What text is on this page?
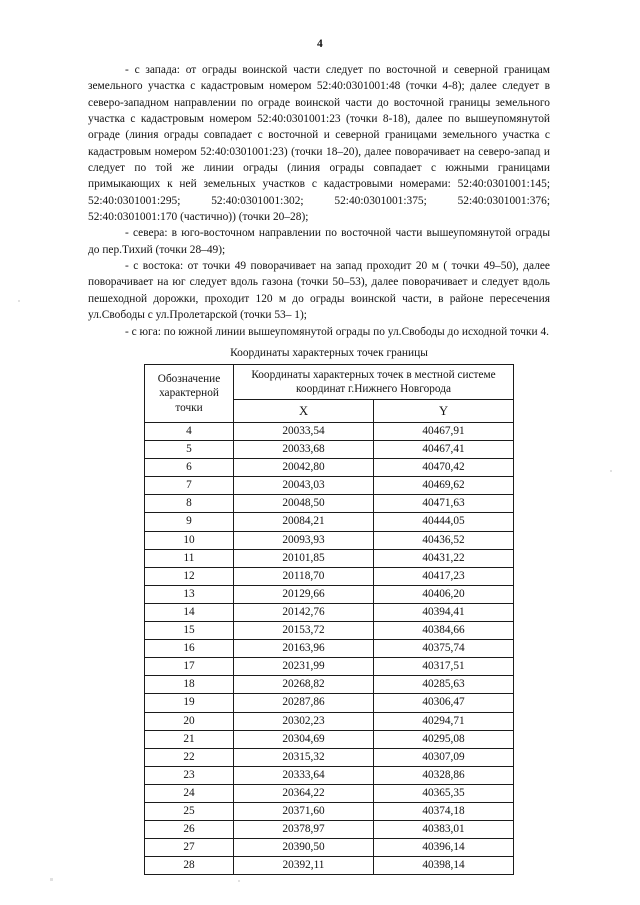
4

- с запада: от ограды воинской части следует по восточной и северной границам земельного участка с кадастровым номером 52:40:0301001:48 (точки 4-8); далее следует в северо-западном направлении по ограде воинской части до восточной границы земельного участка с кадастровым номером 52:40:0301001:23 (точки 8-18), далее по вышеупомянутой ограде (линия ограды совпадает с восточной и северной границами земельного участка с кадастровым номером 52:40:0301001:23) (точки 18–20), далее поворачивает на северо-запад и следует по той же линии ограды (линия ограды совпадает с южными границами примыкающих к ней земельных участков с кадастровыми номерами: 52:40:0301001:145; 52:40:0301001:295; 52:40:0301001:302; 52:40:0301001:375; 52:40:0301001:376; 52:40:0301001:170 (частично)) (точки 20–28);

- севера: в юго-восточном направлении по восточной части вышеупомянутой ограды до пер.Тихий (точки 28–49);

- с востока: от точки 49 поворачивает на запад проходит 20 м ( точки 49–50), далее поворачивает на юг следует вдоль газона (точки 50–53), далее поворачивает и следует вдоль пешеходной дорожки, проходит 120 м до ограды воинской части, в районе пересечения ул.Свободы с ул.Пролетарской (точки 53– 1);

- с юга: по южной линии вышеупомянутой ограды по ул.Свободы до исходной точки 4.

Координаты характерных точек границы
Обозначение характерной точки	Координаты характерных точек в местной системе координат г.Нижнего Новгорода	
	X	Y
4	20033,54	40467,91
5	20033,68	40467,41
6	20042,80	40470,42
7	20043,03	40469,62
8	20048,50	40471,63
9	20084,21	40444,05
10	20093,93	40436,52
11	20101,85	40431,22
12	20118,70	40417,23
13	20129,66	40406,20
14	20142,76	40394,41
15	20153,72	40384,66
16	20163,96	40375,74
17	20231,99	40317,51
18	20268,82	40285,63
19	20287,86	40306,47
20	20302,23	40294,71
21	20304,69	40295,08
22	20315,32	40307,09
23	20333,64	40328,86
24	20364,22	40365,35
25	20371,60	40374,18
26	20378,97	40383,01
27	20390,50	40396,14
28	20392,11	40398,14
